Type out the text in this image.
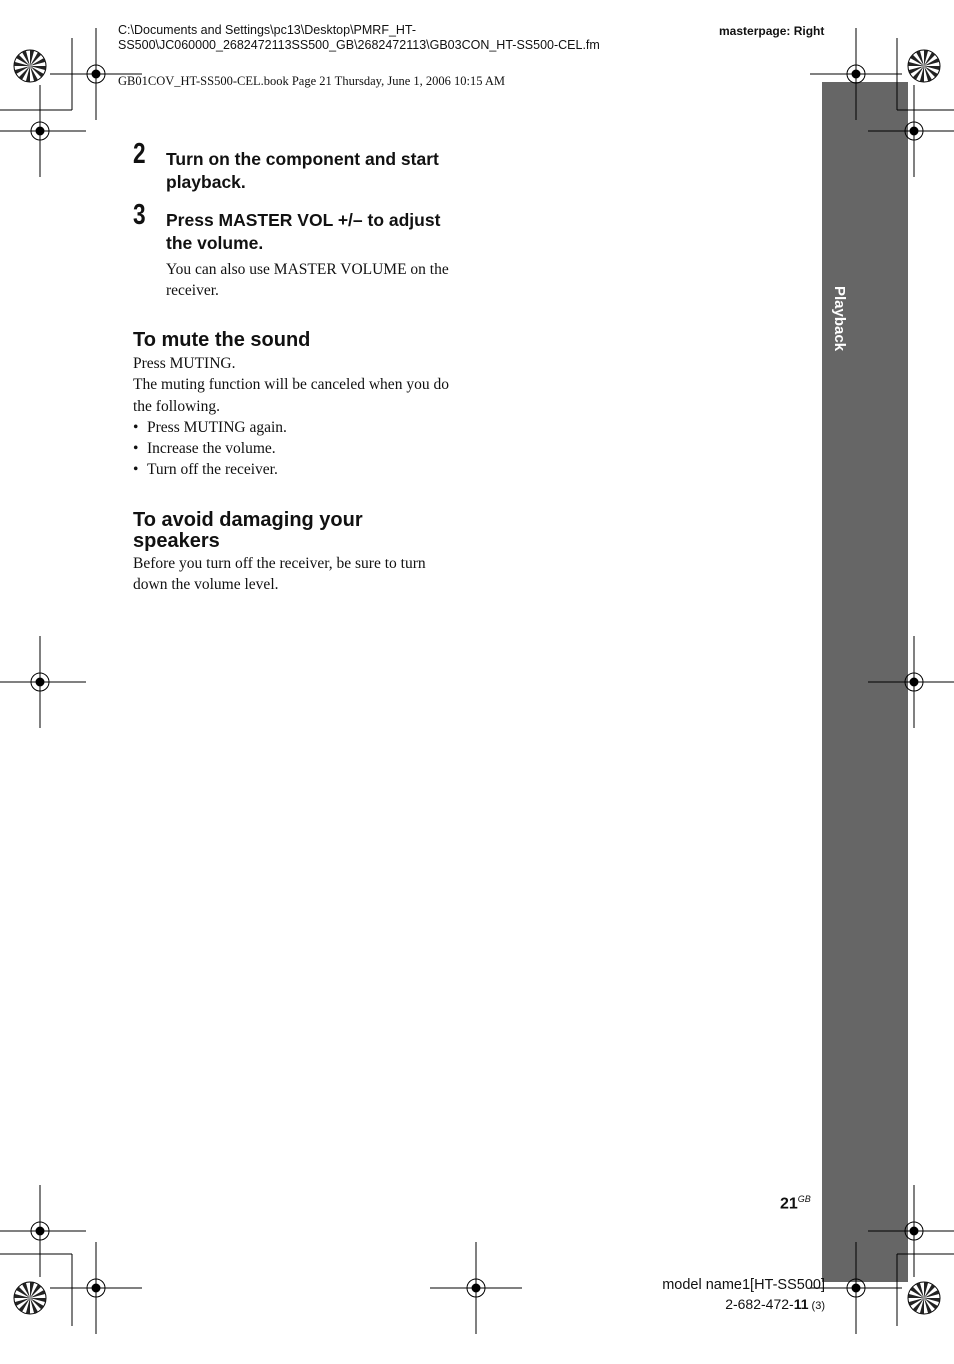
C:\Documents and Settings\pc13\Desktop\PMRF_HT-
SS500\JC060000_2682472113SS500_GB\2682472113\GB03CON_HT-SS500-CEL.fm
masterpage: Right
GB01COV_HT-SS500-CEL.book Page 21 Thursday, June 1, 2006 10:15 AM
Playback
2 Turn on the component and start playback.
3 Press MASTER VOL +/– to adjust the volume.
You can also use MASTER VOLUME on the receiver.
To mute the sound
Press MUTING.
The muting function will be canceled when you do the following.
• Press MUTING again.
• Increase the volume.
• Turn off the receiver.
To avoid damaging your speakers
Before you turn off the receiver, be sure to turn down the volume level.
$21^{GB}$
model name1[HT-SS500]
2-682-472-11 (3)
